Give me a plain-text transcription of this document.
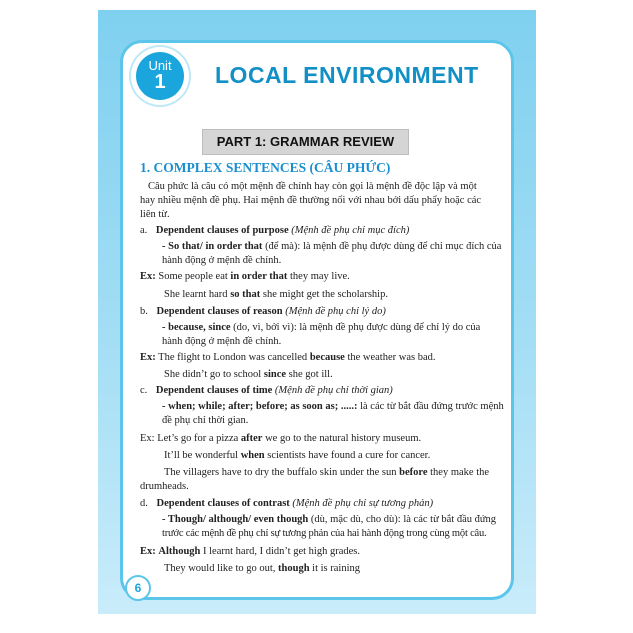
Unit
1	LOCAL ENVIRONMENT
PART 1: GRAMMAR REVIEW
1. COMPLEX SENTENCES (CÂU PHỨC)
Câu phức là câu có một mệnh đề chính hay còn gọi là mệnh đề độc lập và một
hay nhiều mệnh đề phụ. Hai mệnh đề thường nối với nhau bởi dấu phẩy hoặc các
liên từ.
a. Dependent clauses of purpose (Mệnh đề phụ chỉ mục đích)
- So that/ in order that (để mà): là mệnh đề phụ được dùng để chỉ mục đích của
hành động ở mệnh đề chính.
Ex: Some people eat in order that they may live.
She learnt hard so that she might get the scholarship.
b. Dependent clauses of reason (Mệnh đề phụ chỉ lý do)
- because, since (do, vì, bởi vì): là mệnh đề phụ được dùng để chỉ lý do của
hành động ở mệnh đề chính.
Ex: The flight to London was cancelled because the weather was bad.
She didn’t go to school since she got ill.
c. Dependent clauses of time (Mệnh đề phụ chỉ thời gian)
- when; while; after; before; as soon as; .....: là các từ bắt đầu đứng trước mệnh
đề phụ chỉ thời gian.
Ex: Let’s go for a pizza after we go to the natural history museum.
It’ll be wonderful when scientists have found a cure for cancer.
The villagers have to dry the buffalo skin under the sun before they make the
drumheads.
d. Dependent clauses of contrast (Mệnh đề phụ chỉ sự tương phản)
- Though/ although/ even though (dù, mặc dù, cho dù): là các từ bắt đầu đứng
trước các mệnh đề phụ chỉ sự tương phản của hai hành động trong cùng một câu.
Ex: Although I learnt hard, I didn’t get high grades.
They would like to go out, though it is raining
6
